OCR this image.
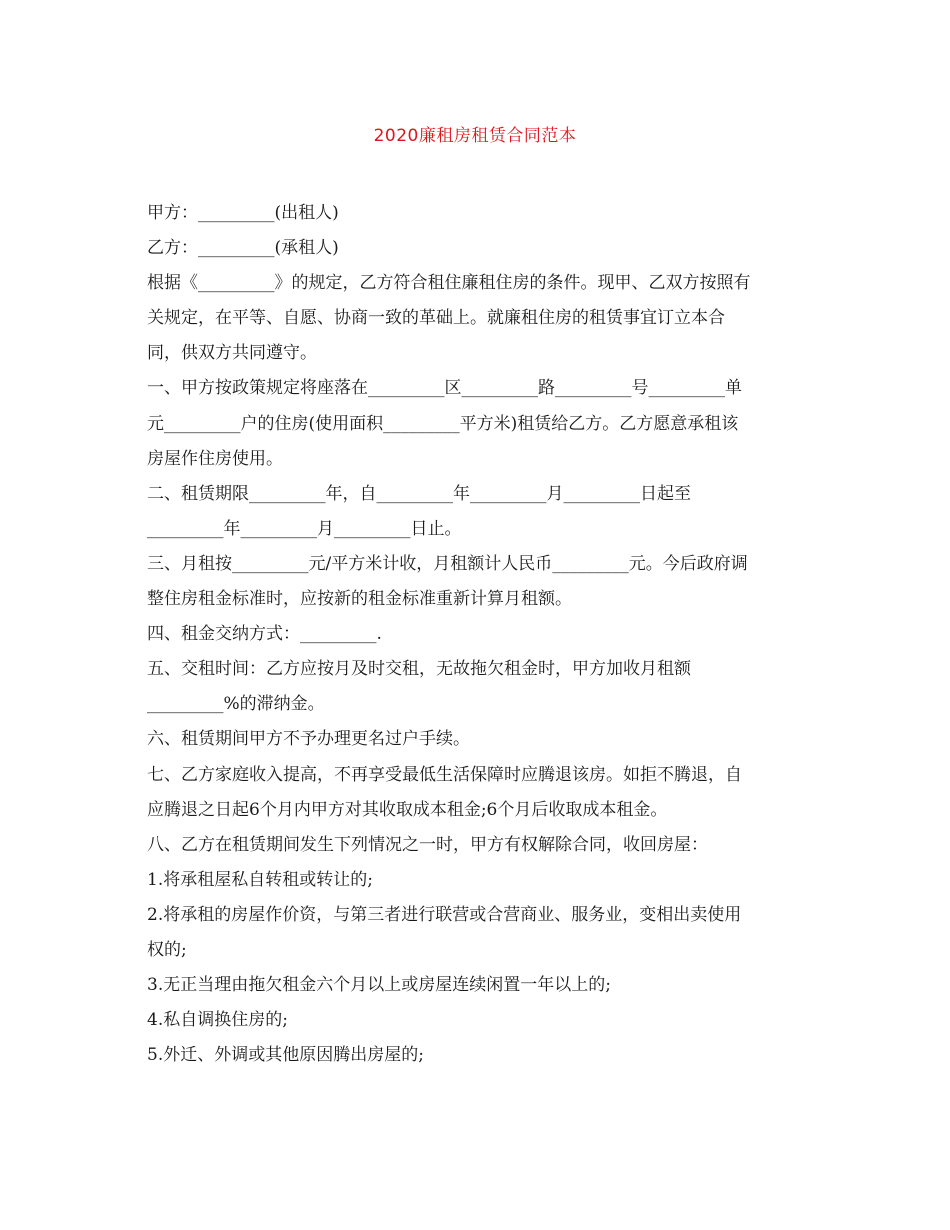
2020廉租房租赁合同范本
甲方：_________(出租人)
乙方：_________(承租人)
根据《_________》的规定，乙方符合租住廉租住房的条件。现甲、乙双方按照有
关规定，在平等、自愿、协商一致的革础上。就廉租住房的租赁事宜订立本合
同，供双方共同遵守。
一、甲方按政策规定将座落在_________区_________路_________号_________单
元_________户的住房(使用面积_________平方米)租赁给乙方。乙方愿意承租该
房屋作住房使用。
二、租赁期限_________年，自_________年_________月_________日起至
_________年_________月_________日止。
三、月租按_________元/平方米计收，月租额计人民币_________元。今后政府调
整住房租金标准时，应按新的租金标准重新计算月租额。
四、租金交纳方式：_________.
五、交租时间：乙方应按月及时交租，无故拖欠租金时，甲方加收月租额
_________%的滞纳金。
六、租赁期间甲方不予办理更名过户手续。
七、乙方家庭收入提高，不再享受最低生活保障时应腾退该房。如拒不腾退，自
应腾退之日起6个月内甲方对其收取成本租金;6个月后收取成本租金。
八、乙方在租赁期间发生下列情况之一时，甲方有权解除合同，收回房屋：
1.将承租屋私自转租或转让的;
2.将承租的房屋作价资，与第三者进行联营或合营商业、服务业，变相出卖使用
权的;
3.无正当理由拖欠租金六个月以上或房屋连续闲置一年以上的;
4.私自调换住房的;
5.外迁、外调或其他原因腾出房屋的;
